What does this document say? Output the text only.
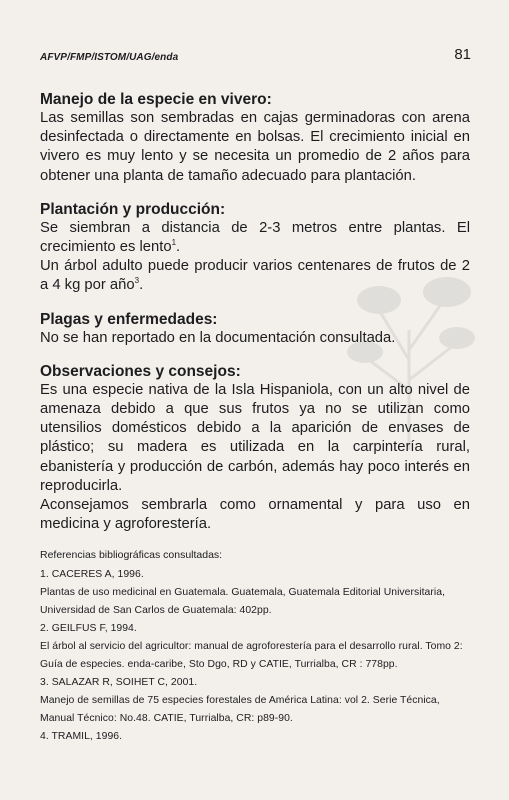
AFVP/FMP/ISTOM/UAG/enda	81
Manejo de la especie en vivero:

Las semillas son sembradas en cajas germinadoras con arena desinfectada o directamente en bolsas. El crecimiento inicial en vivero es muy lento y se necesita un promedio de 2 años para obtener una planta de tamaño adecuado para plantación.

Plantación y producción:

Se siembran a distancia de 2-3 metros entre plantas. El crecimiento es lento$^1$.

Un árbol adulto puede producir varios centenares de frutos de 2 a 4 kg por año$^3$.

Plagas y enfermedades:

No se han reportado en la documentación consultada.

Observaciones y consejos:

Es una especie nativa de la Isla Hispaniola, con un alto nivel de amenaza debido a que sus frutos ya no se utilizan como utensilios domésticos debido a la aparición de envases de plástico; su madera es utilizada en la carpintería rural, ebanistería y producción de carbón, además hay poco interés en reproducirla.

Aconsejamos sembrarla como ornamental y para uso en medicina y agroforestería.

Referencias bibliográficas consultadas:

1. CACERES A, 1996.

Plantas de uso medicinal en Guatemala. Guatemala, Guatemala Editorial Universitaria, Universidad de San Carlos de Guatemala: 402pp.

2. GEILFUS F, 1994.

El árbol al servicio del agricultor: manual de agroforestería para el desarrollo rural. Tomo 2: Guía de especies. enda-caribe, Sto Dgo, RD y CATIE, Turrialba, CR : 778pp.

3. SALAZAR R, SOIHET C, 2001.

Manejo de semillas de 75 especies forestales de América Latina: vol 2. Serie Técnica, Manual Técnico: No.48. CATIE, Turrialba, CR: p89-90.

4. TRAMIL, 1996.
